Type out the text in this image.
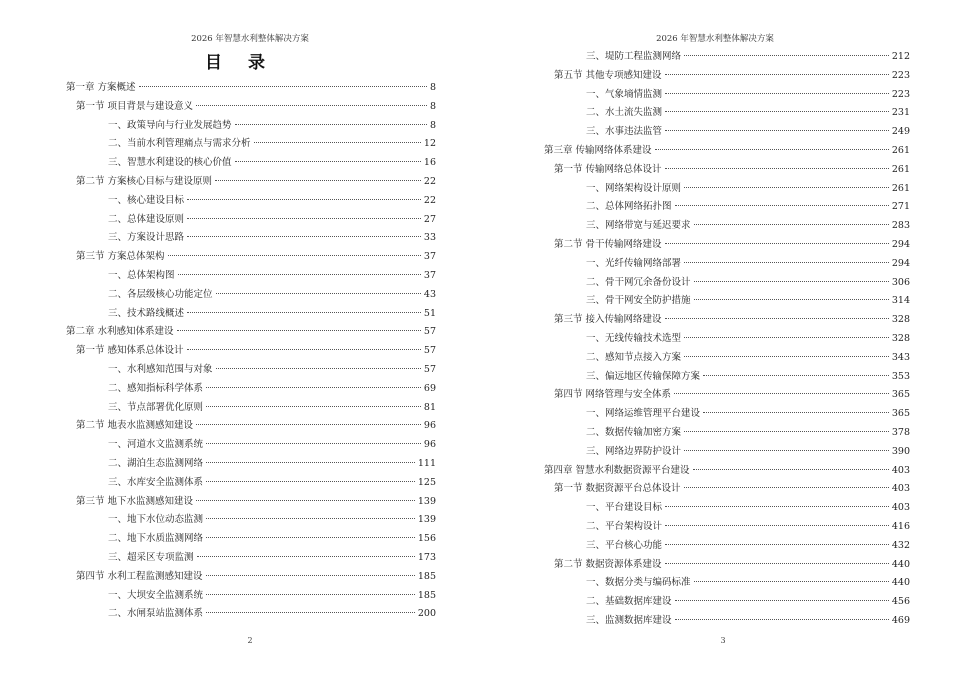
2026 年智慧水利整体解决方案
目 录
第一章 方案概述	8
第一节 项目背景与建设意义	8
一、政策导向与行业发展趋势	8
二、当前水利管理痛点与需求分析	12
三、智慧水利建设的核心价值	16
第二节 方案核心目标与建设原则	22
一、核心建设目标	22
二、总体建设原则	27
三、方案设计思路	33
第三节 方案总体架构	37
一、总体架构图	37
二、各层级核心功能定位	43
三、技术路线概述	51
第二章 水利感知体系建设	57
第一节 感知体系总体设计	57
一、水利感知范围与对象	57
二、感知指标科学体系	69
三、节点部署优化原则	81
第二节 地表水监测感知建设	96
一、河道水文监测系统	96
二、湖泊生态监测网络	111
三、水库安全监测体系	125
第三节 地下水监测感知建设	139
一、地下水位动态监测	139
二、地下水质监测网络	156
三、超采区专项监测	173
第四节 水利工程监测感知建设	185
一、大坝安全监测系统	185
二、水闸泵站监测体系	200
2
2026 年智慧水利整体解决方案
三、堤防工程监测网络	212
第五节 其他专项感知建设	223
一、气象墒情监测	223
二、水土流失监测	231
三、水事违法监管	249
第三章 传输网络体系建设	261
第一节 传输网络总体设计	261
一、网络架构设计原则	261
二、总体网络拓扑图	271
三、网络带宽与延迟要求	283
第二节 骨干传输网络建设	294
一、光纤传输网络部署	294
二、骨干网冗余备份设计	306
三、骨干网安全防护措施	314
第三节 接入传输网络建设	328
一、无线传输技术选型	328
二、感知节点接入方案	343
三、偏远地区传输保障方案	353
第四节 网络管理与安全体系	365
一、网络运维管理平台建设	365
二、数据传输加密方案	378
三、网络边界防护设计	390
第四章 智慧水利数据资源平台建设	403
第一节 数据资源平台总体设计	403
一、平台建设目标	403
二、平台架构设计	416
三、平台核心功能	432
第二节 数据资源体系建设	440
一、数据分类与编码标准	440
二、基础数据库建设	456
三、监测数据库建设	469
3
